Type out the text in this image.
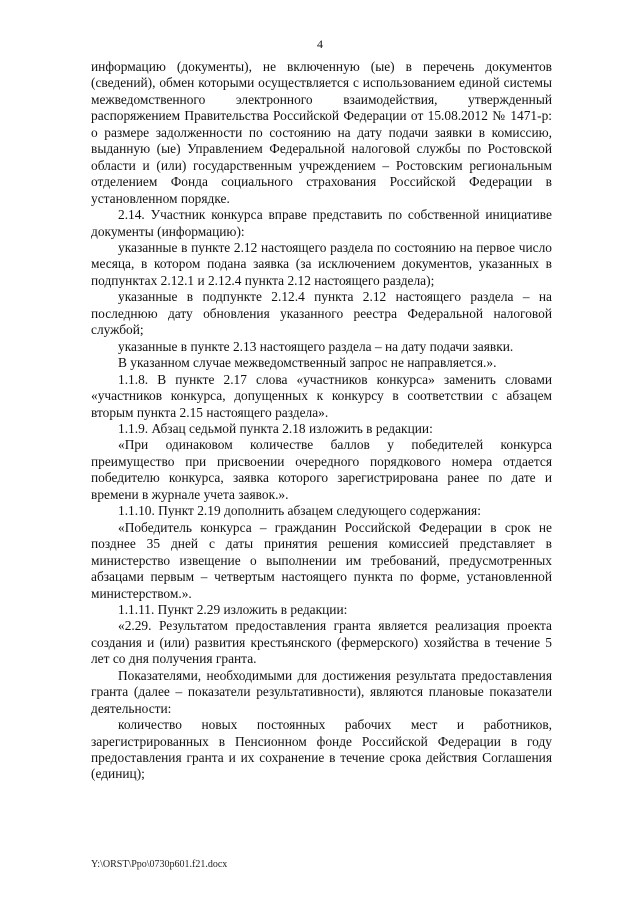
4

информацию (документы), не включенную (ые) в перечень документов (сведений), обмен которыми осуществляется с использованием единой системы межведомственного электронного взаимодействия, утвержденный распоряжением Правительства Российской Федерации от 15.08.2012 № 1471-р: о размере задолженности по состоянию на дату подачи заявки в комиссию, выданную (ые) Управлением Федеральной налоговой службы по Ростовской области и (или) государственным учреждением – Ростовским региональным отделением Фонда социального страхования Российской Федерации в установленном порядке.

2.14. Участник конкурса вправе представить по собственной инициативе документы (информацию):

указанные в пункте 2.12 настоящего раздела по состоянию на первое число месяца, в котором подана заявка (за исключением документов, указанных в подпунктах 2.12.1 и 2.12.4 пункта 2.12 настоящего раздела);

указанные в подпункте 2.12.4 пункта 2.12 настоящего раздела – на последнюю дату обновления указанного реестра Федеральной налоговой службой;

указанные в пункте 2.13 настоящего раздела – на дату подачи заявки.

В указанном случае межведомственный запрос не направляется.».

1.1.8. В пункте 2.17 слова «участников конкурса» заменить словами «участников конкурса, допущенных к конкурсу в соответствии с абзацем вторым пункта 2.15 настоящего раздела».

1.1.9. Абзац седьмой пункта 2.18 изложить в редакции:

«При одинаковом количестве баллов у победителей конкурса преимущество при присвоении очередного порядкового номера отдается победителю конкурса, заявка которого зарегистрирована ранее по дате и времени в журнале учета заявок.».

1.1.10. Пункт 2.19 дополнить абзацем следующего содержания:

«Победитель конкурса – гражданин Российской Федерации в срок не позднее 35 дней с даты принятия решения комиссией представляет в министерство извещение о выполнении им требований, предусмотренных абзацами первым – четвертым настоящего пункта по форме, установленной министерством.».

1.1.11. Пункт 2.29 изложить в редакции:

«2.29. Результатом предоставления гранта является реализация проекта создания и (или) развития крестьянского (фермерского) хозяйства в течение 5 лет со дня получения гранта.

Показателями, необходимыми для достижения результата предоставления гранта (далее – показатели результативности), являются плановые показатели деятельности:

количество новых постоянных рабочих мест и работников, зарегистрированных в Пенсионном фонде Российской Федерации в году предоставления гранта и их сохранение в течение срока действия Соглашения (единиц);

Y:\ORST\Ppo\0730p601.f21.docx
